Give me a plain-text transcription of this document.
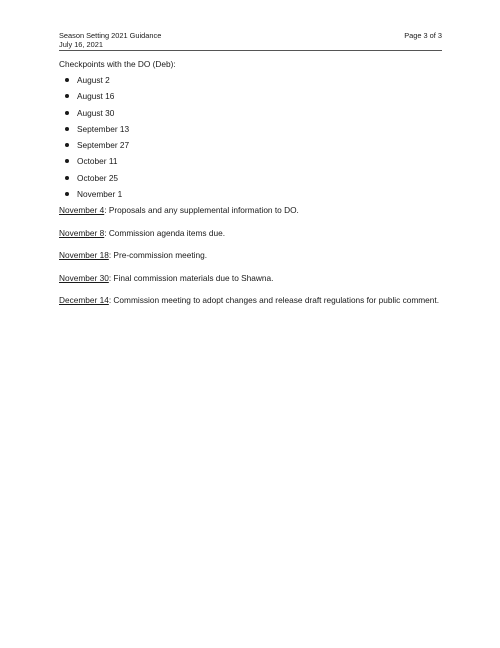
Season Setting 2021 Guidance
July 16, 2021
Page 3 of 3

Checkpoints with the DO (Deb):

August 2
August 16
August 30
September 13
September 27
October 11
October 25
November 1
November 4: Proposals and any supplemental information to DO.
November 8: Commission agenda items due.
November 18: Pre-commission meeting.
November 30: Final commission materials due to Shawna.
December 14: Commission meeting to adopt changes and release draft regulations for public comment.
